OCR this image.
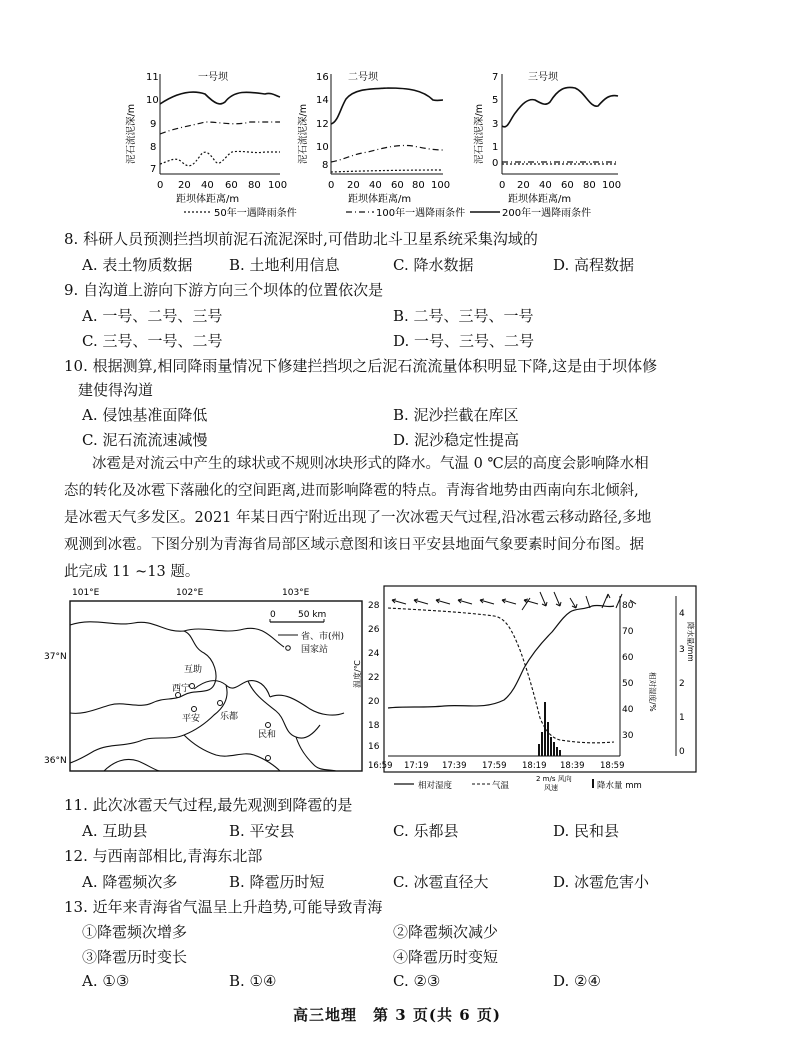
一号坝
11
10
9
8
7
泥石流泥深/m
0 20 40 60 80 100
距坝体距离/m
二号坝
16
14
12
10
8
泥石流泥深/m
0 20 40 60 80 100
距坝体距离/m
三号坝
7
5
3
1
0
泥石流泥深/m
0 20 40 60 80 100
距坝体距离/m
50年一遇降雨条件	100年一遇降雨条件	200年一遇降雨条件
8. 科研人员预测拦挡坝前泥石流泥深时,可借助北斗卫星系统采集沟域的
A. 表土物质数据 B. 土地利用信息	C. 降水数据	D. 高程数据
9. 自沟道上游向下游方向三个坝体的位置依次是
A. 一号、二号、三号	B. 二号、三号、一号
C. 三号、一号、二号	D. 一号、三号、二号
10. 根据测算,相同降雨量情况下修建拦挡坝之后泥石流流量体积明显下降,这是由于坝体修
建使得沟道
A. 侵蚀基准面降低	B. 泥沙拦截在库区
C. 泥石流流速减慢	D. 泥沙稳定性提高
冰雹是对流云中产生的球状或不规则冰块形式的降水。气温 0 ℃层的高度会影响降水相
态的转化及冰雹下落融化的空间距离,进而影响降雹的特点。青海省地势由西南向东北倾斜,
是冰雹天气多发区。2021 年某日西宁附近出现了一次冰雹天气过程,沿冰雹云移动路径,多地
观测到冰雹。下图分别为青海省局部区域示意图和该日平安县地面气象要素时间分布图。据
此完成 11 ~13 题。
101°E	102°E	103°E
37°N
36°N
互助
西宁
平安 乐都
民和
0 50 km
省、市(州)
国家站
28
26
24
22
20
18
16
温度/℃
80
70
60
50
40
30
相对湿度/%
4
3
2
1
0
降水量/mm
16:59 17:19 17:39 17:59 18:19 18:39 18:59
相对湿度	气温
2 m/s 风向
风速	降水量 mm
11. 此次冰雹天气过程,最先观测到降雹的是
A. 互助县	B. 平安县	C. 乐都县	D. 民和县
12. 与西南部相比,青海东北部
A. 降雹频次多	B. 降雹历时短	C. 冰雹直径大	D. 冰雹危害小
13. 近年来青海省气温呈上升趋势,可能导致青海
①降雹频次增多	②降雹频次减少
③降雹历时变长	④降雹历时变短
A. ①③	B. ①④	C. ②③	D. ②④
高三地理　第 3 页(共 6 页)
